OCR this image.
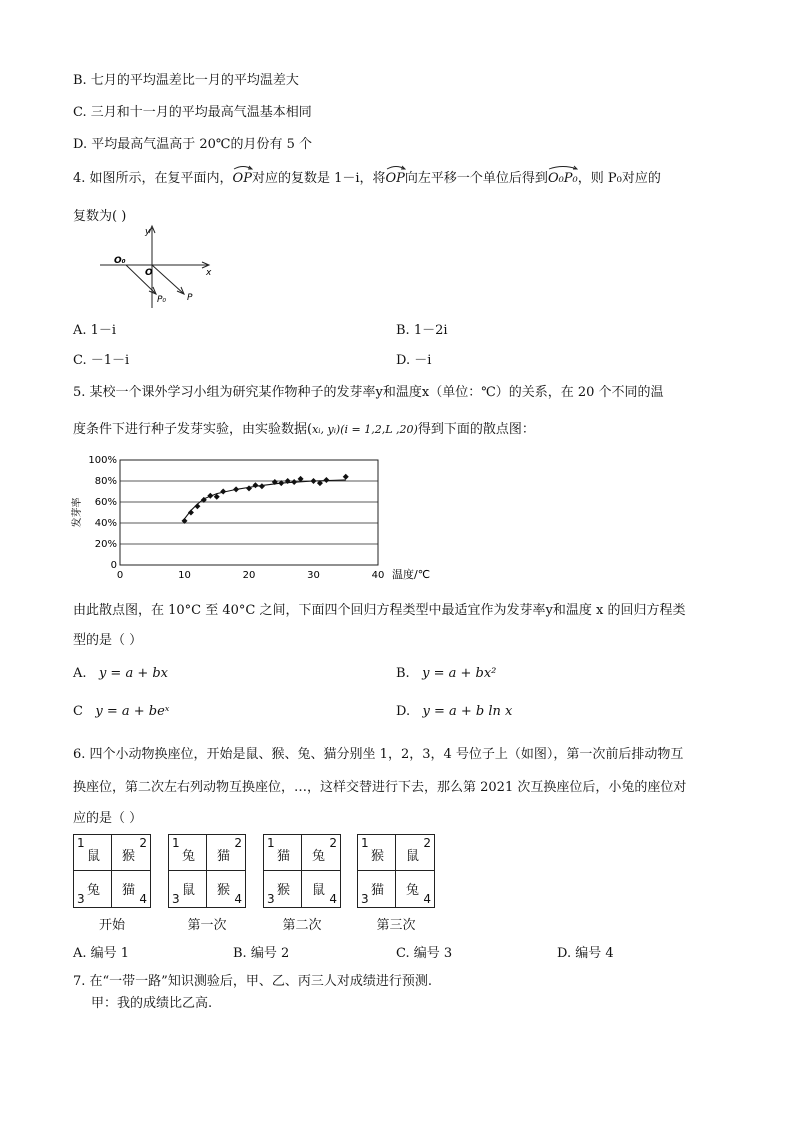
B. 七月的平均温差比一月的平均温差大
C. 三月和十一月的平均最高气温基本相同
D. 平均最高气温高于 20℃的月份有 5 个
4. 如图所示，在复平面内，
OP对应的复数是 1－i，将
OP向左平移一个单位后得到
O₀P₀，则 P₀对应的
复数为( )
y
x
O
O₀
P₀ P
A. 1－i	B. 1－2i
C. －1－i	D. －i
5. 某校一个课外学习小组为研究某作物种子的发芽率y和温度x（单位：℃）的关系，在 20 个不同的温
度条件下进行种子发芽实验，由实验数据(xᵢ, yᵢ)(i = 1,2,L ,20)得到下面的散点图：
0
20%
40%
60%
80%
100%
0	10	20	30	40 温度/℃
发芽率
由此散点图，在 10°C 至 40°C 之间，下面四个回归方程类型中最适宜作为发芽率y和温度 x 的回归方程类
型的是（ ）
A. y = a + bx	B. y = a + bx²
C y = a + beˣ	D. y = a + b ln x
6. 四个小动物换座位，开始是鼠、猴、兔、猫分别坐 1，2，3，4 号位子上（如图），第一次前后排动物互
换座位，第二次左右列动物互换座位，…，这样交替进行下去，那么第 2021 次互换座位后，小兔的座位对
应的是（ ）
1
鼠
2
猴
3
兔
4
猫
开始
1
兔
2
猫
3
鼠
4
猴
第一次
1
猫
2
兔
3
猴
4
鼠
第二次
1
猴
2
鼠
3
猫
4
兔
第三次
A. 编号 1	B. 编号 2	C. 编号 3	D. 编号 4
7. 在“一带一路”知识测验后，甲、乙、丙三人对成绩进行预测.
甲：我的成绩比乙高.
